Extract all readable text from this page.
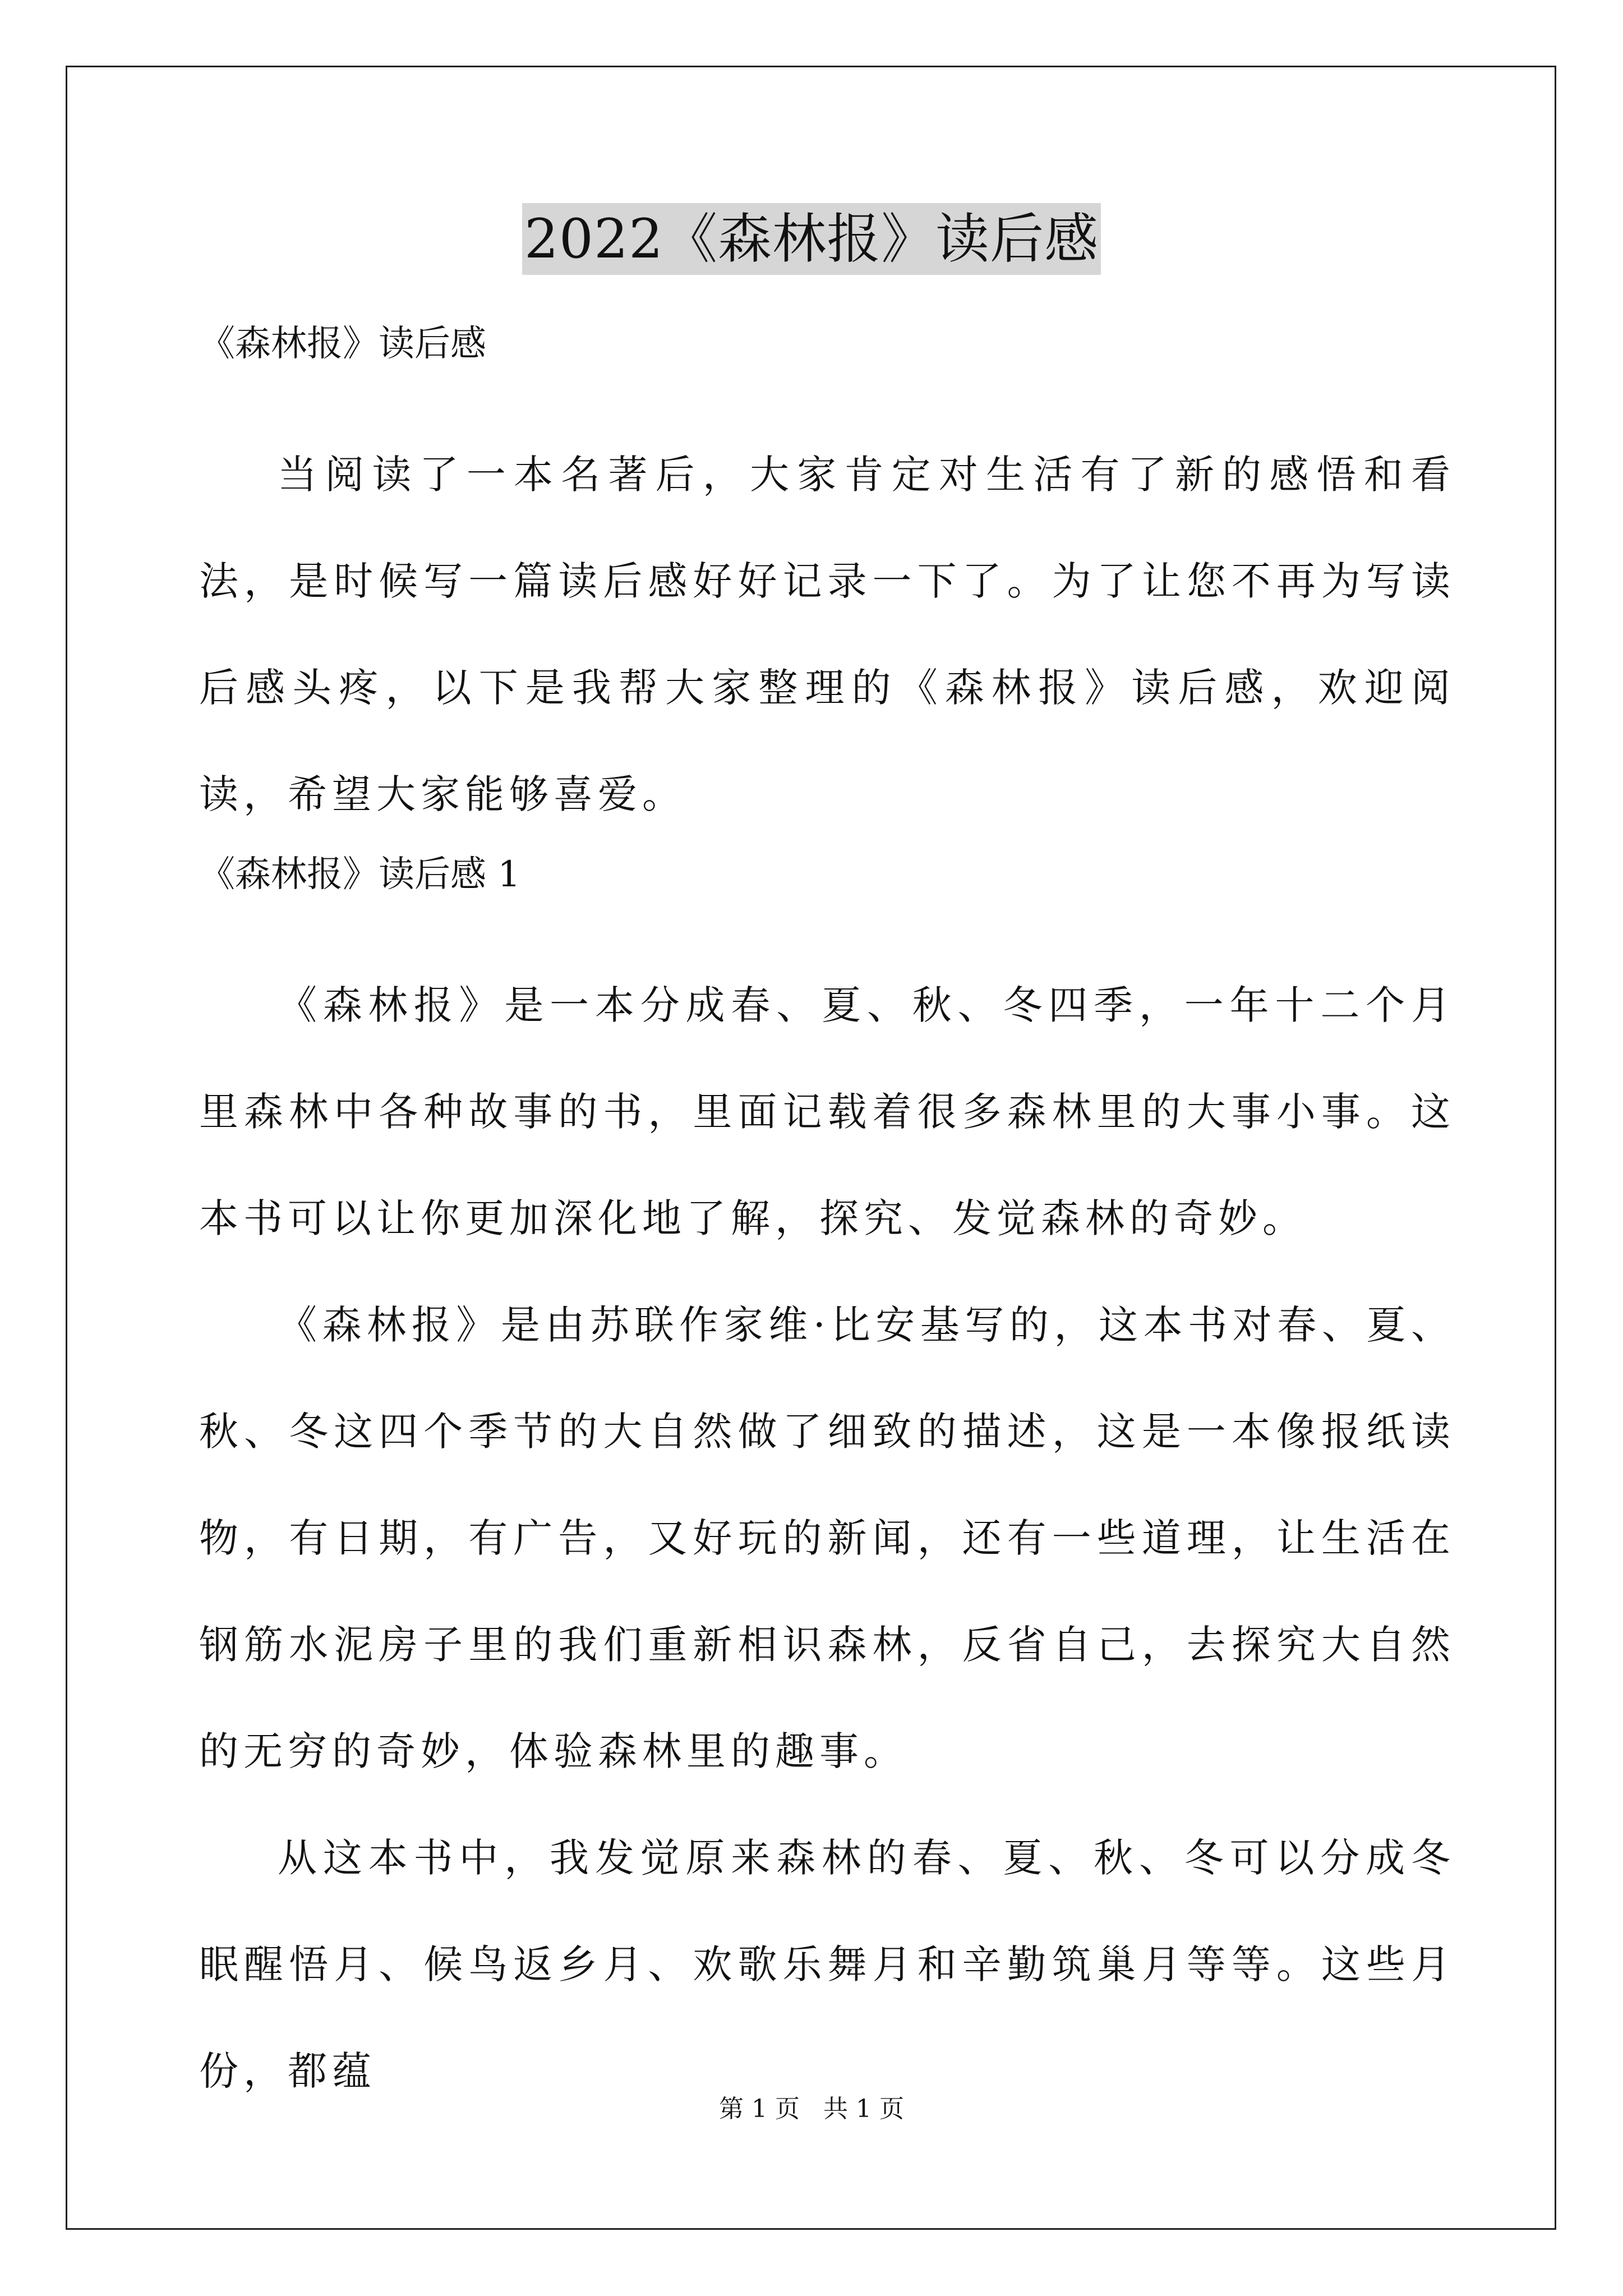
2022《森林报》读后感

《森林报》读后感

当阅读了一本名著后，大家肯定对生活有了新的感悟和看法，是时候写一篇读后感好好记录一下了。为了让您不再为写读后感头疼，以下是我帮大家整理的《森林报》读后感，欢迎阅读，希望大家能够喜爱。

《森林报》读后感 1

《森林报》是一本分成春、夏、秋、冬四季，一年十二个月里森林中各种故事的书，里面记载着很多森林里的大事小事。这本书可以让你更加深化地了解，探究、发觉森林的奇妙。

《森林报》是由苏联作家维·比安基写的，这本书对春、夏、秋、冬这四个季节的大自然做了细致的描述，这是一本像报纸读物，有日期，有广告，又好玩的新闻，还有一些道理，让生活在钢筋水泥房子里的我们重新相识森林，反省自己，去探究大自然的无穷的奇妙，体验森林里的趣事。

从这本书中，我发觉原来森林的春、夏、秋、冬可以分成冬眠醒悟月、候鸟返乡月、欢歌乐舞月和辛勤筑巢月等等。这些月份，都蕴

第 1 页   共 1 页
